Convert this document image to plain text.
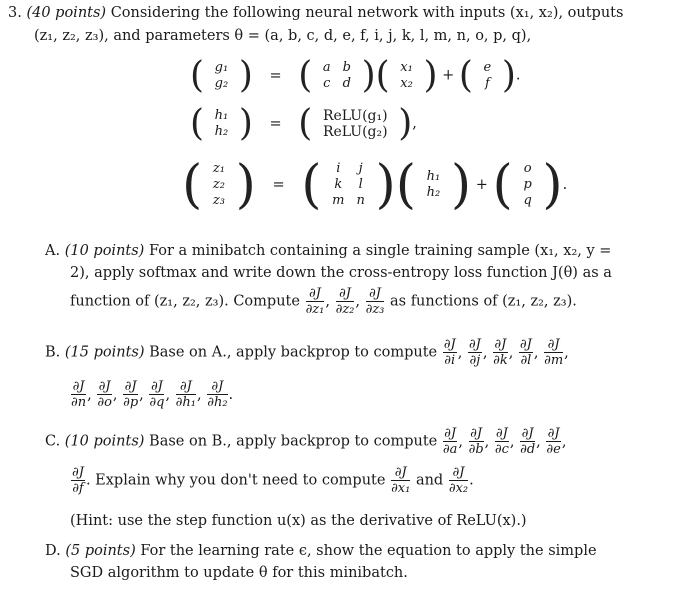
3. (40 points) Considering the following neural network with inputs (x₁, x₂), outputs
(z₁, z₂, z₃), and parameters θ = (a, b, c, d, e, f, i, j, k, l, m, n, o, p, q),
( g₁
g₂ ) = ( a	b
c	d )( x₁
x₂ ) + ( e
f ).
( h₁
h₂ ) = ( ReLU(g₁)
ReLU(g₂) ),
( z₁
z₂
z₃ ) = ( i	j
k	l
m	n )( h₁
h₂ ) + ( o
p
q ).
A. (10 points) For a minibatch containing a single training sample (x₁, x₂, y =
2), apply softmax and write down the cross-entropy loss function J(θ) as a
function of (z₁, z₂, z₃). Compute $\frac{\partial J}{\text{∂z₁}}$ , $\frac{\partial J}{\text{∂z₂}}$ , $\frac{\partial J}{\text{∂z₃}}$ as functions of (z₁, z₂, z₃).
B. (15 points) Base on A., apply backprop to compute $\frac{\partial J}{\partial i}$ , $\frac{\partial J}{\partial j}$ , $\frac{\partial J}{\partial k}$ , $\frac{\partial J}{\partial l}$ , $\frac{\partial J}{\partial m}$ ,
$\frac{\partial J}{\partial n}$ , $\frac{\partial J}{\partial o}$ , $\frac{\partial J}{\partial p}$ , $\frac{\partial J}{\partial q}$ , $\frac{\partial J}{\text{∂h₁}}$ , $\frac{\partial J}{\text{∂h₂}}$ .
C. (10 points) Base on B., apply backprop to compute $\frac{\partial J}{\partial a}$ , $\frac{\partial J}{\partial b}$ , $\frac{\partial J}{\partial c}$ , $\frac{\partial J}{\partial d}$ , $\frac{\partial J}{\partial e}$ ,
$\frac{\partial J}{\partial f}$ . Explain why you don't need to compute $\frac{\partial J}{\text{∂x₁}}$ and $\frac{\partial J}{\text{∂x₂}}$ .
(Hint: use the step function u(x) as the derivative of ReLU(x).)
D. (5 points) For the learning rate ϵ, show the equation to apply the simple
SGD algorithm to update θ for this minibatch.
